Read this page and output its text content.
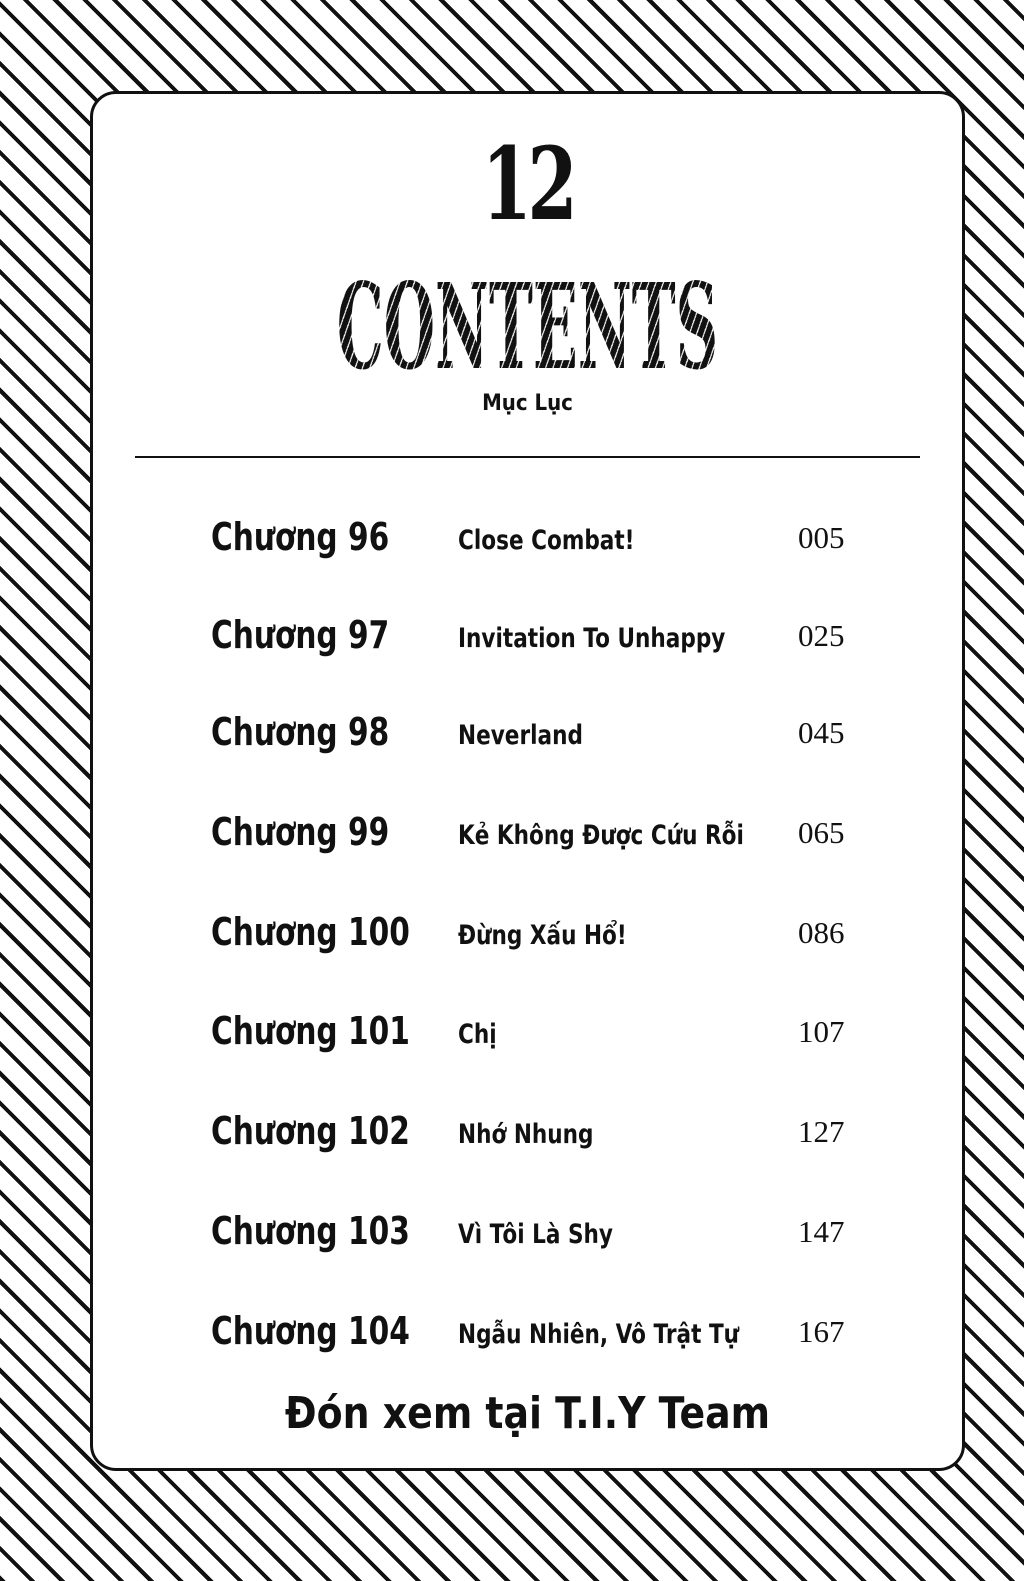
12
CONTENTS
Mục Lục
Chương 96	Close Combat!	005
Chương 97	Invitation To Unhappy 025
Chương 98	Neverland	045
Chương 99	Kẻ Không Được Cứu Rỗi 065
Chương 100 Đừng Xấu Hổ!	086
Chương 101 Chị	107
Chương 102 Nhớ Nhung	127
Chương 103 Vì Tôi Là Shy	147
Chương 104 Ngẫu Nhiên, Vô Trật Tự 167
Đón xem tại T.I.Y Team
